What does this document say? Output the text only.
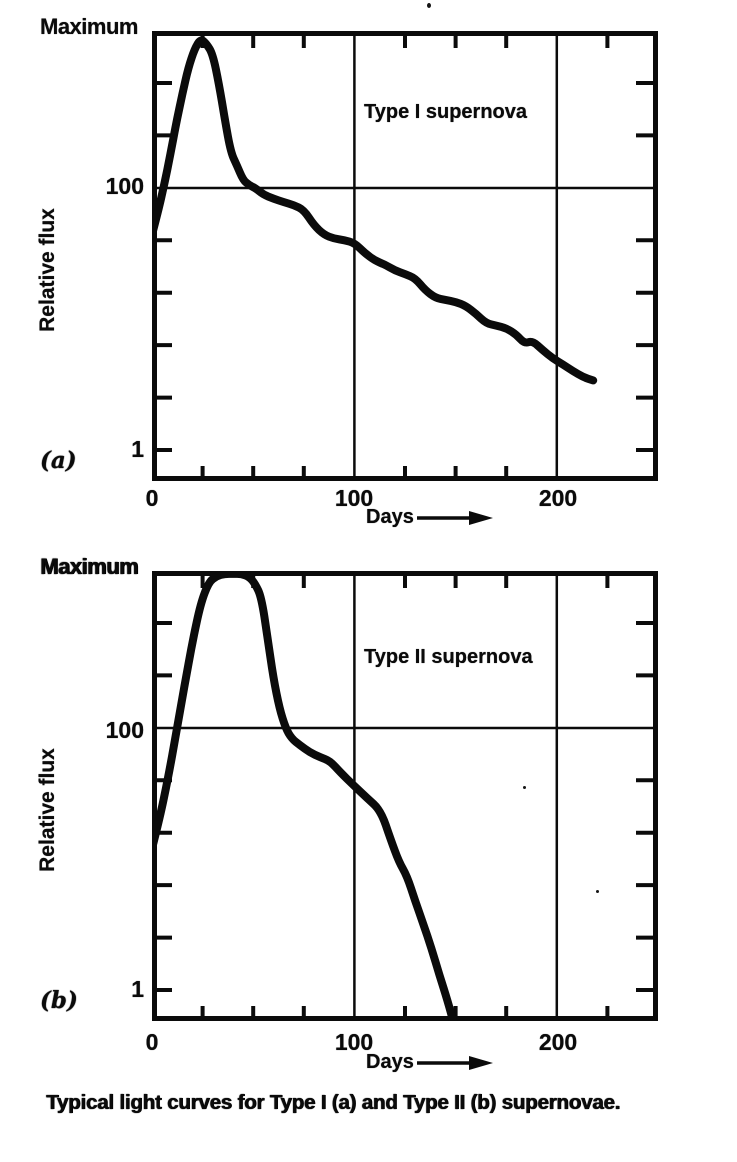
Maximum
100
1
Relative flux
(a)
Type I supernova
0	100	200
Days
Maximum
100
1
Relative flux
(b)
Type II supernova
0	100	200
Days

Typical light curves for Type I (a) and Type II (b) supernovae.
